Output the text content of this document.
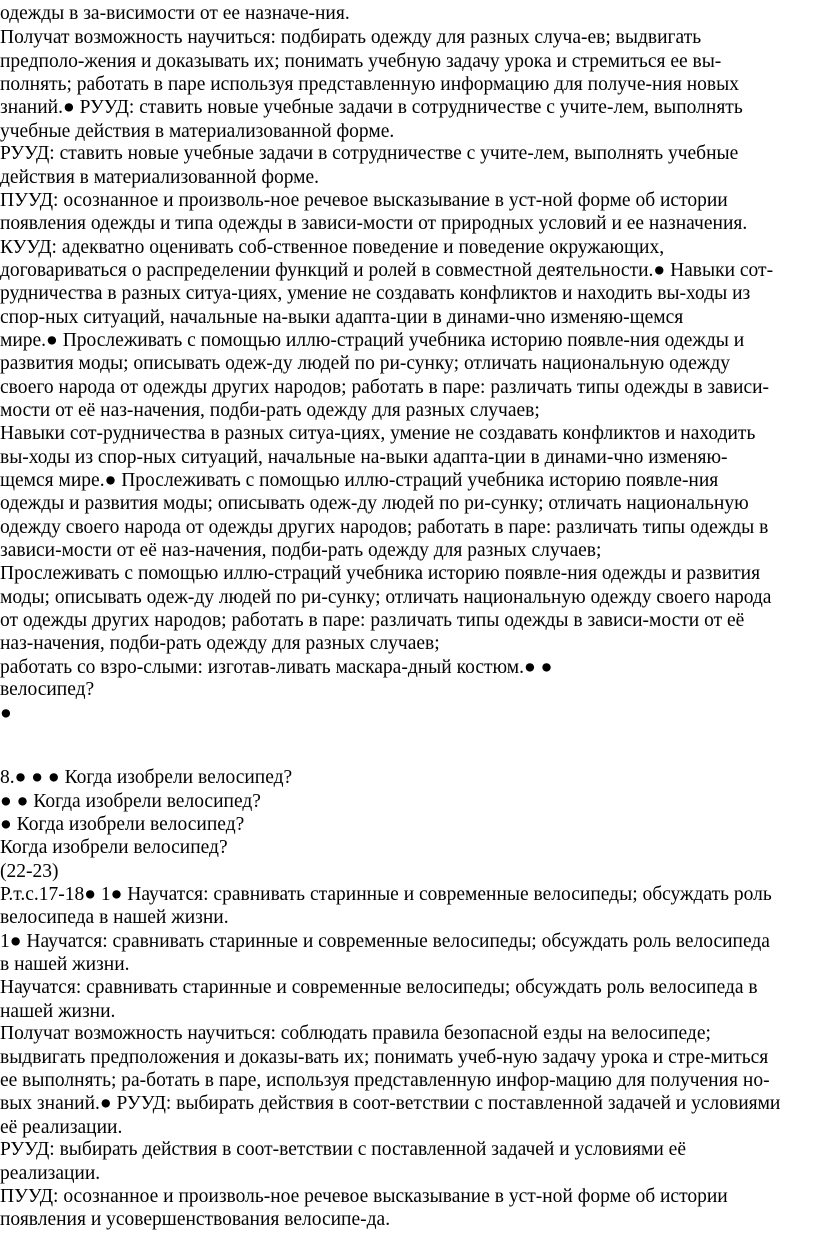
одежды в за-висимости от ее назначе-ния.
Получат возможность научиться: подбирать одежду для разных случа-ев; выдвигать
предполо-жения и доказывать их; понимать учебную задачу урока и стремиться ее вы-
полнять; работать в паре используя представленную информацию для получе-ния новых
знаний.● РУУД: ставить новые учебные задачи в сотрудничестве с учите-лем, выполнять
учебные действия в материализованной форме.
РУУД: ставить новые учебные задачи в сотрудничестве с учите-лем, выполнять учебные
действия в материализованной форме.
ПУУД: осознанное и произволь-ное речевое высказывание в уст-ной форме об истории
появления одежды и типа одежды в зависи-мости от природных условий и ее назначения.
КУУД: адекватно оценивать соб-ственное поведение и поведение окружающих,
договариваться о распределении функций и ролей в совместной деятельности.● Навыки сот-
рудничества в разных ситуа-циях, умение не создавать конфликтов и находить вы-ходы из
спор-ных ситуаций, начальные на-выки адапта-ции в динами-чно изменяю-щемся
мире.● Прослеживать с помощью иллю-страций учебника историю появле-ния одежды и
развития моды; описывать одеж-ду людей по ри-сунку; отличать национальную одежду
своего народа от одежды других народов; работать в паре: различать типы одежды в зависи-
мости от её наз-начения, подби-рать одежду для разных случаев;
Навыки сот-рудничества в разных ситуа-циях, умение не создавать конфликтов и находить
вы-ходы из спор-ных ситуаций, начальные на-выки адапта-ции в динами-чно изменяю-
щемся мире.● Прослеживать с помощью иллю-страций учебника историю появле-ния
одежды и развития моды; описывать одеж-ду людей по ри-сунку; отличать национальную
одежду своего народа от одежды других народов; работать в паре: различать типы одежды в
зависи-мости от её наз-начения, подби-рать одежду для разных случаев;
Прослеживать с помощью иллю-страций учебника историю появле-ния одежды и развития
моды; описывать одеж-ду людей по ри-сунку; отличать национальную одежду своего народа
от одежды других народов; работать в паре: различать типы одежды в зависи-мости от её
наз-начения, подби-рать одежду для разных случаев;
работать со взро-слыми: изготав-ливать маскара-дный костюм.● ●
велосипед?
●
8.● ● ● Когда изобрели велосипед?
● ● Когда изобрели велосипед?
● Когда изобрели велосипед?
Когда изобрели велосипед?
(22-23)
Р.т.с.17-18● 1● Научатся: сравнивать старинные и современные велосипеды; обсуждать роль
велосипеда в нашей жизни.
1● Научатся: сравнивать старинные и современные велосипеды; обсуждать роль велосипеда
в нашей жизни.
Научатся: сравнивать старинные и современные велосипеды; обсуждать роль велосипеда в
нашей жизни.
Получат возможность научиться: соблюдать правила безопасной езды на велосипеде;
выдвигать предположения и доказы-вать их; понимать учеб-ную задачу урока и стре-миться
ее выполнять; ра-ботать в паре, используя представленную инфор-мацию для получения но-
вых знаний.● РУУД: выбирать действия в соот-ветствии с поставленной задачей и условиями
её реализации.
РУУД: выбирать действия в соот-ветствии с поставленной задачей и условиями её
реализации.
ПУУД: осознанное и произволь-ное речевое высказывание в уст-ной форме об истории
появления и усовершенствования велосипе-да.
